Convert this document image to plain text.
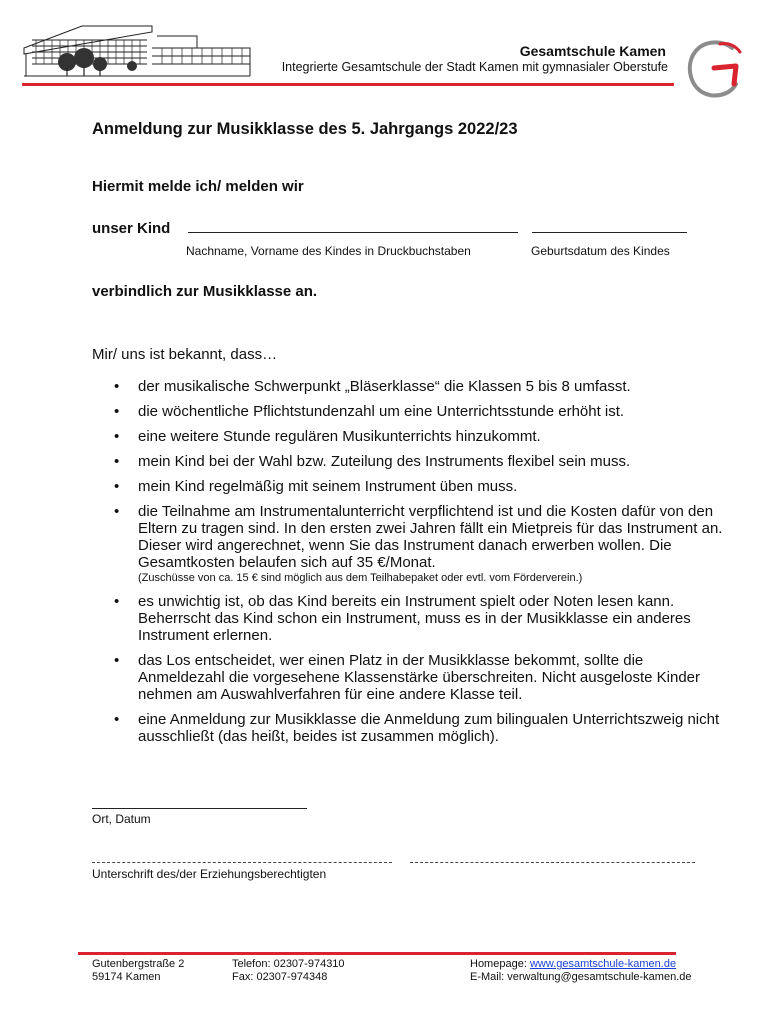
Gesamtschule Kamen
Integrierte Gesamtschule der Stadt Kamen mit gymnasialer Oberstufe
Anmeldung zur Musikklasse des 5. Jahrgangs 2022/23
Hiermit melde ich/ melden wir
unser Kind
Nachname, Vorname des Kindes in Druckbuchstaben	Geburtsdatum des Kindes
verbindlich zur Musikklasse an.
Mir/ uns ist bekannt, dass…
• der musikalische Schwerpunkt „Bläserklasse“ die Klassen 5 bis 8 umfasst.
• die wöchentliche Pflichtstundenzahl um eine Unterrichtsstunde erhöht ist.
• eine weitere Stunde regulären Musikunterrichts hinzukommt.
• mein Kind bei der Wahl bzw. Zuteilung des Instruments flexibel sein muss.
• mein Kind regelmäßig mit seinem Instrument üben muss.
• die Teilnahme am Instrumentalunterricht verpflichtend ist und die Kosten dafür von den Eltern zu tragen sind. In den ersten zwei Jahren fällt ein Mietpreis für das Instrument an. Dieser wird angerechnet, wenn Sie das Instrument danach erwerben wollen. Die Gesamtkosten belaufen sich auf 35 €/Monat.
(Zuschüsse von ca. 15 € sind möglich aus dem Teilhabepaket oder evtl. vom Förderverein.)
• es unwichtig ist, ob das Kind bereits ein Instrument spielt oder Noten lesen kann. Beherrscht das Kind schon ein Instrument, muss es in der Musikklasse ein anderes Instrument erlernen.
• das Los entscheidet, wer einen Platz in der Musikklasse bekommt, sollte die Anmeldezahl die vorgesehene Klassenstärke überschreiten. Nicht ausgeloste Kinder nehmen am Auswahlverfahren für eine andere Klasse teil.
• eine Anmeldung zur Musikklasse die Anmeldung zum bilingualen Unterrichtszweig nicht ausschließt (das heißt, beides ist zusammen möglich).
Ort, Datum
Unterschrift des/der Erziehungsberechtigten
Gutenbergstraße 2
59174 Kamen
Telefon: 02307-974310
Fax: 02307-974348
Homepage: www.gesamtschule-kamen.de
E-Mail: verwaltung@gesamtschule-kamen.de
